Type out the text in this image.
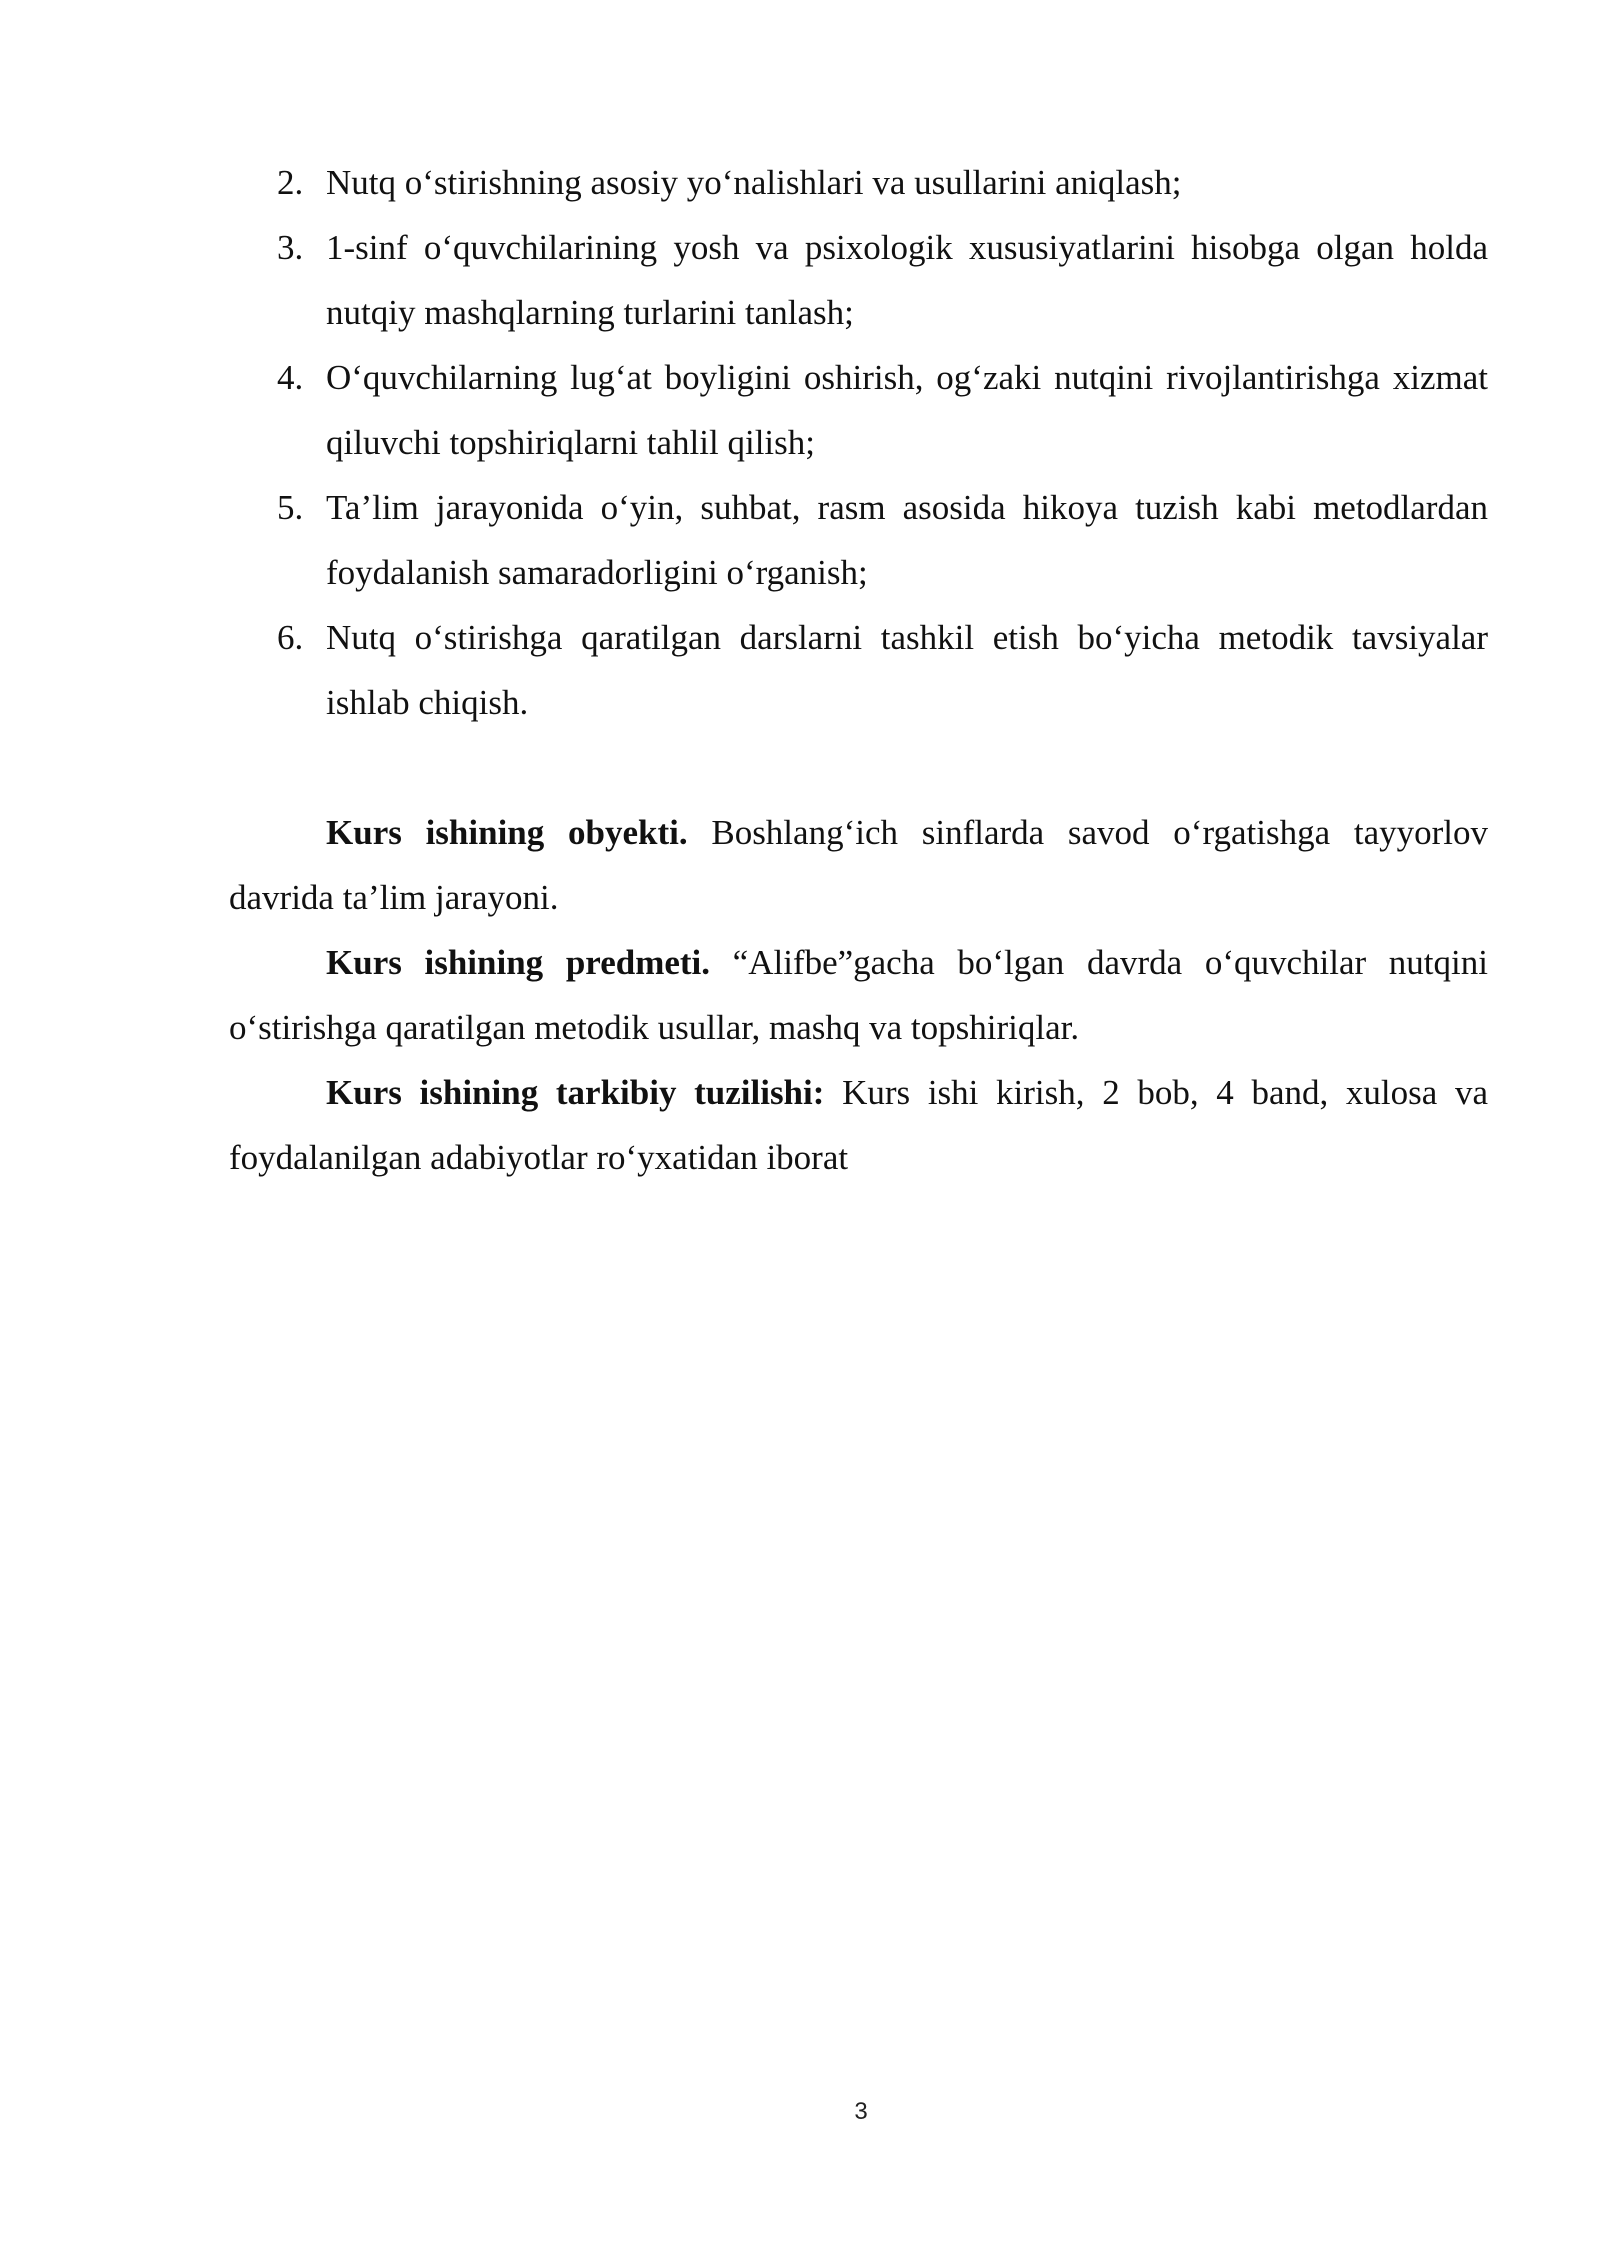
2. Nutq oʻstirishning asosiy yoʻnalishlari va usullarini aniqlash;
3. 1-sinf oʻquvchilarining yosh va psixologik xususiyatlarini hisobga olgan holda nutqiy mashqlarning turlarini tanlash;
4. Oʻquvchilarning lugʻat boyligini oshirish, ogʻzaki nutqini rivojlantirishga xizmat qiluvchi topshiriqlarni tahlil qilish;
5. Ta’lim jarayonida oʻyin, suhbat, rasm asosida hikoya tuzish kabi metodlardan foydalanish samaradorligini oʻrganish;
6. Nutq oʻstirishga qaratilgan darslarni tashkil etish boʻyicha metodik tavsiyalar ishlab chiqish.

Kurs ishining obyekti. Boshlangʻich sinflarda savod oʻrgatishga tayyorlov davrida ta’lim jarayoni.

Kurs ishining predmeti. “Alifbe”gacha boʻlgan davrda oʻquvchilar nutqini oʻstirishga qaratilgan metodik usullar, mashq va topshiriqlar.

Kurs ishining tarkibiy tuzilishi: Kurs ishi kirish, 2 bob, 4 band, xulosa va foydalanilgan adabiyotlar roʻyxatidan iborat

3
